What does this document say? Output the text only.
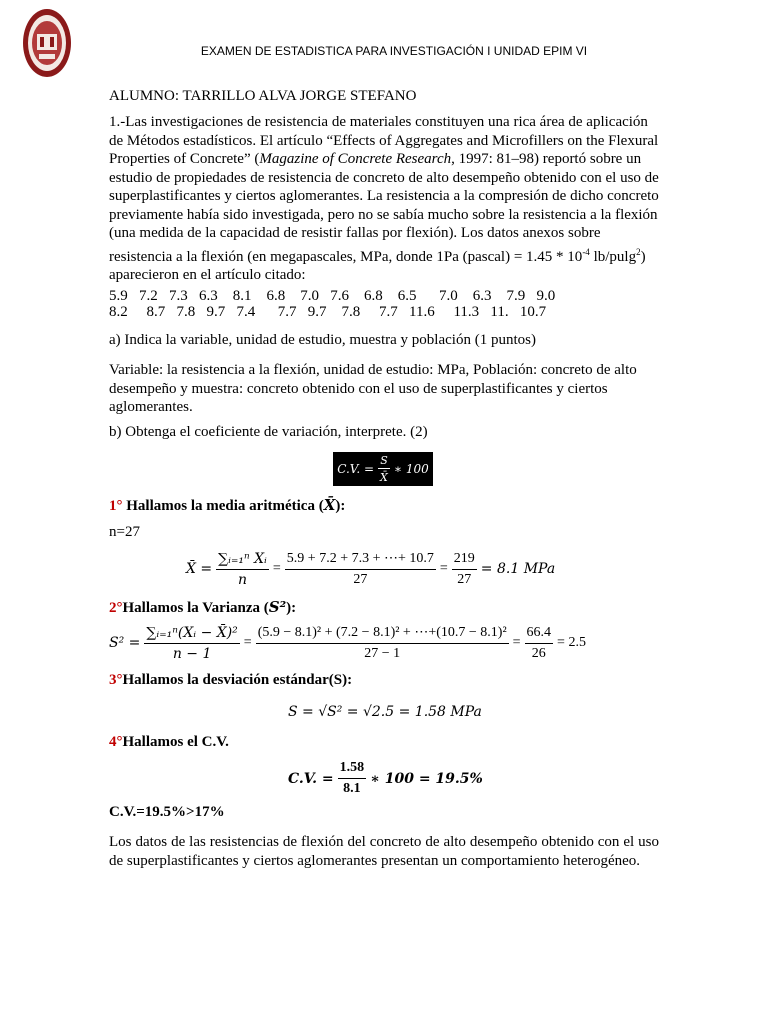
EXAMEN DE ESTADISTICA PARA INVESTIGACIÓN I UNIDAD EPIM VI
ALUMNO: TARRILLO ALVA JORGE STEFANO

1.-Las investigaciones de resistencia de materiales constituyen una rica área de aplicación de Métodos estadísticos. El artículo “Effects of Aggregates and Microfillers on the Flexural Properties of Concrete” (Magazine of Concrete Research, 1997: 81–98) reportó sobre un estudio de propiedades de resistencia de concreto de alto desempeño obtenido con el uso de superplastificantes y ciertos aglomerantes. La resistencia a la compresión de dicho concreto previamente había sido investigada, pero no se sabía mucho sobre la resistencia a la flexión (una medida de la capacidad de resistir fallas por flexión). Los datos anexos sobre resistencia a la flexión (en megapascales, MPa, donde 1Pa (pascal) = $1.45 * 10^{-4}$ lb/pulg$^2$) aparecieron en el artículo citado:

5.9   7.2   7.3   6.3    8.1    6.8    7.0   7.6    6.8    6.5      7.0    6.3    7.9   9.0
8.2     8.7   7.8   9.7   7.4      7.7   9.7    7.8     7.7   11.6     11.3   11.   10.7
a) Indica la variable, unidad de estudio, muestra y población (1 puntos)

Variable: la resistencia a la flexión, unidad de estudio: MPa, Población: concreto de alto desempeño y muestra: concreto obtenido con el uso de superplastificantes y ciertos aglomerantes.

b) Obtenga el coeficiente de variación, interprete. (2)
C.V. = $\frac{S}{X̄}$ ∗ 100
1° Hallamos la media aritmética (X̄):
n=27
X̄ = $\frac{\text{∑ᵢ₌₁ⁿ Xᵢ}}{n} = \frac{5.9 + 7.2 + 7.3 + \cdots+ 10.7}{27} = \frac{219}{27} = 8.1$ MPa
2°Hallamos la Varianza (S²):
$S^2 = \frac{\text{∑ᵢ₌₁ⁿ(Xᵢ − X̄)²}}{n - 1} = \frac{\text{(5.9 − 8.1)² + (7.2 − 8.1)² + ⋯+(10.7 − 8.1)²}}{27 - 1} = \frac{66.4}{26} = 2.5$
3°Hallamos la desviación estándar(S):
S = √S² = √2.5 = 1.58 MPa
4°Hallamos el C.V.
C.V. = $\frac{1.58}{8.1}$ ∗ 100 = 19.5%
C.V.=19.5%>17%

Los datos de las resistencias de flexión del concreto de alto desempeño obtenido con el uso de superplastificantes y ciertos aglomerantes presentan un comportamiento heterogéneo.
